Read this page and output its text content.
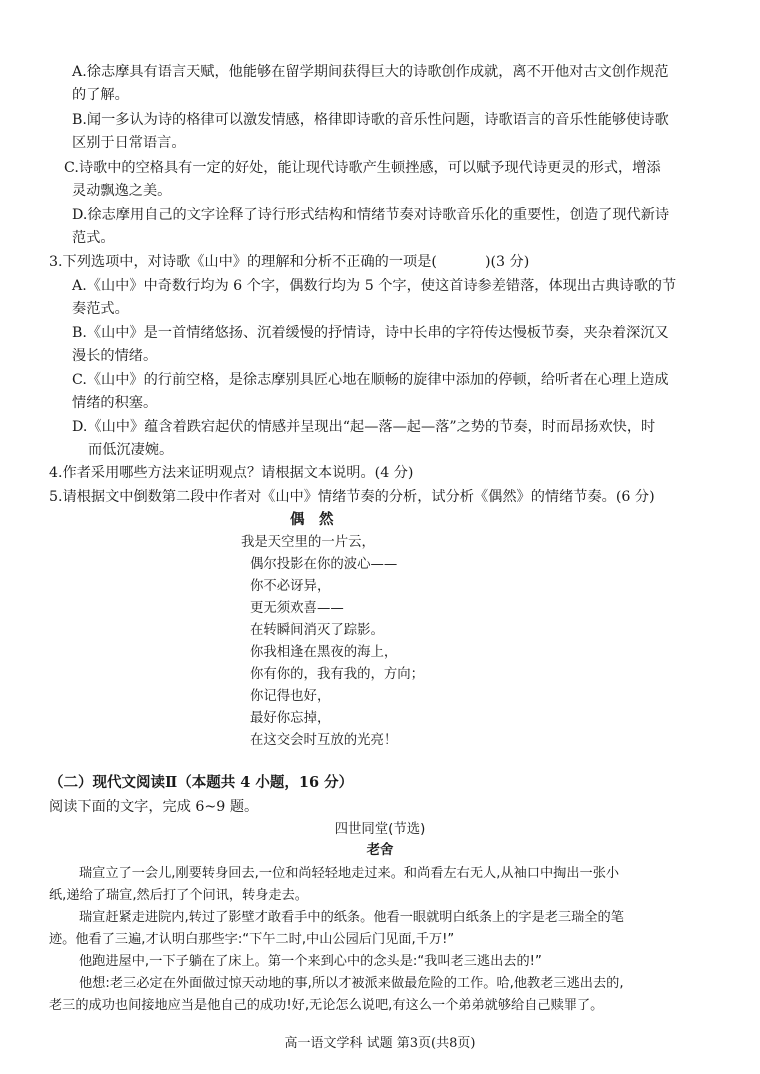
A.徐志摩具有语言天赋，他能够在留学期间获得巨大的诗歌创作成就，离不开他对古文创作规范
的了解。
B.闻一多认为诗的格律可以激发情感，格律即诗歌的音乐性问题，诗歌语言的音乐性能够使诗歌
区别于日常语言。
C.诗歌中的空格具有一定的好处，能让现代诗歌产生顿挫感，可以赋予现代诗更灵的形式，增添
灵动飘逸之美。
D.徐志摩用自己的文字诠释了诗行形式结构和情绪节奏对诗歌音乐化的重要性，创造了现代新诗
范式。
3.下列选项中，对诗歌《山中》的理解和分析不正确的一项是(	)(3 分)
A.《山中》中奇数行均为 6 个字，偶数行均为 5 个字，使这首诗参差错落，体现出古典诗歌的节
奏范式。
B.《山中》是一首情绪悠扬、沉着缓慢的抒情诗，诗中长串的字符传达慢板节奏，夹杂着深沉又
漫长的情绪。
C.《山中》的行前空格，是徐志摩别具匠心地在顺畅的旋律中添加的停顿，给听者在心理上造成
情绪的积塞。
D.《山中》蕴含着跌宕起伏的情感并呈现出“起—落—起—落”之势的节奏，时而昂扬欢快，时
而低沉凄婉。
4.作者采用哪些方法来证明观点？请根据文本说明。(4 分)
5.请根据文中倒数第二段中作者对《山中》情绪节奏的分析，试分析《偶然》的情绪节奏。(6 分)
偶　然
我是天空里的一片云，
偶尔投影在你的波心——
你不必讶异，
更无须欢喜——
在转瞬间消灭了踪影。
你我相逢在黑夜的海上，
你有你的，我有我的，方向；
你记得也好，
最好你忘掉，
在这交会时互放的光亮！
（二）现代文阅读Ⅱ（本题共 4 小题，16 分）
阅读下面的文字，完成 6~9 题。
四世同堂(节选)
老舍
瑞宣立了一会儿,刚要转身回去,一位和尚轻轻地走过来。和尚看左右无人,从袖口中掏出一张小
纸,递给了瑞宣,然后打了个问讯，转身走去。
瑞宣赶紧走进院内,转过了影壁才敢看手中的纸条。他看一眼就明白纸条上的字是老三瑞全的笔
迹。他看了三遍,才认明白那些字:“下午二时,中山公园后门见面,千万!”
他跑进屋中,一下子躺在了床上。第一个来到心中的念头是:“我叫老三逃出去的!”
他想:老三必定在外面做过惊天动地的事,所以才被派来做最危险的工作。哈,他教老三逃出去的,
老三的成功也间接地应当是他自己的成功!好,无论怎么说吧,有这么一个弟弟就够给自己赎罪了。
高一语文学科 试题 第3页(共8页)
